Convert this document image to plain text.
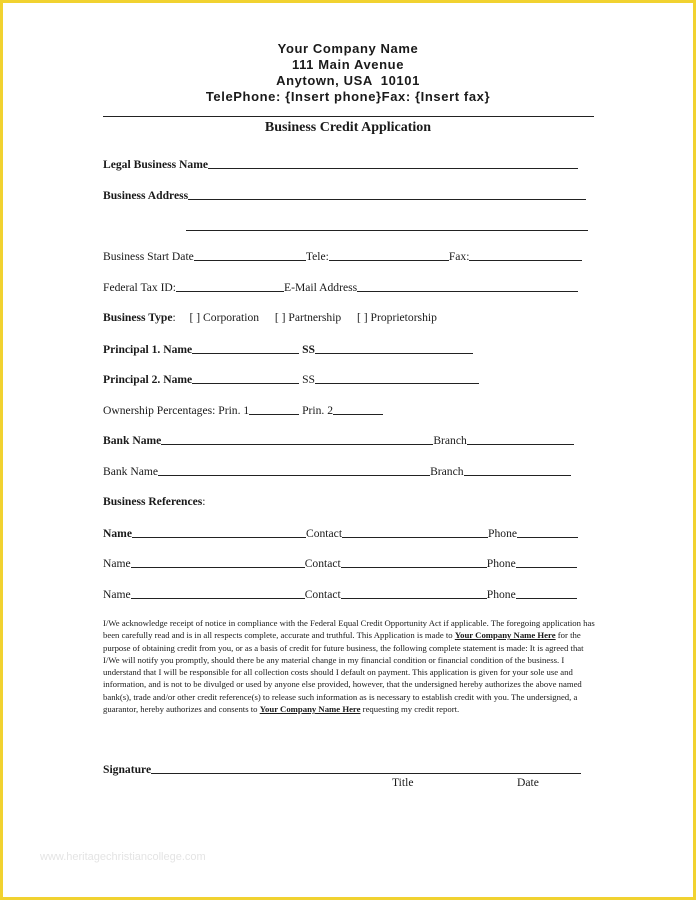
Your Company Name
111 Main Avenue
Anytown, USA  10101
TelePhone: {Insert phone}Fax: {Insert fax}
Business Credit Application
Legal Business Name
Business Address
Business Start Date	Tele:	Fax:
Federal Tax ID:	E-Mail Address
Business Type: [ ] Corporation [ ] Partnership [ ] Proprietorship
Principal 1. Name	SS
Principal 2. Name	SS
Ownership Percentages: Prin. 1	Prin. 2
Bank Name	Branch
Bank Name	Branch
Business References:
Name	Contact	Phone
Name	Contact	Phone
Name	Contact	Phone
I/We acknowledge receipt of notice in compliance with the Federal Equal Credit Opportunity Act if applicable. The foregoing application has been carefully read and is in all respects complete, accurate and truthful. This Application is made to Your Company Name Here for the purpose of obtaining credit from you, or as a basis of credit for future business, the following complete statement is made: It is agreed that I/We will notify you promptly, should there be any material change in my financial condition or financial condition of the business. I understand that I will be responsible for all collection costs should I default on payment. This application is given for your sole use and information, and is not to be divulged or used by anyone else provided, however, that the undersigned hereby authorizes the above named bank(s), trade and/or other credit reference(s) to release such information as is necessary to establish credit with you. The undersigned, a guarantor, hereby authorizes and consents to Your Company Name Here requesting my credit report.
Signature
Title	Date
www.heritagechristiancollege.com
